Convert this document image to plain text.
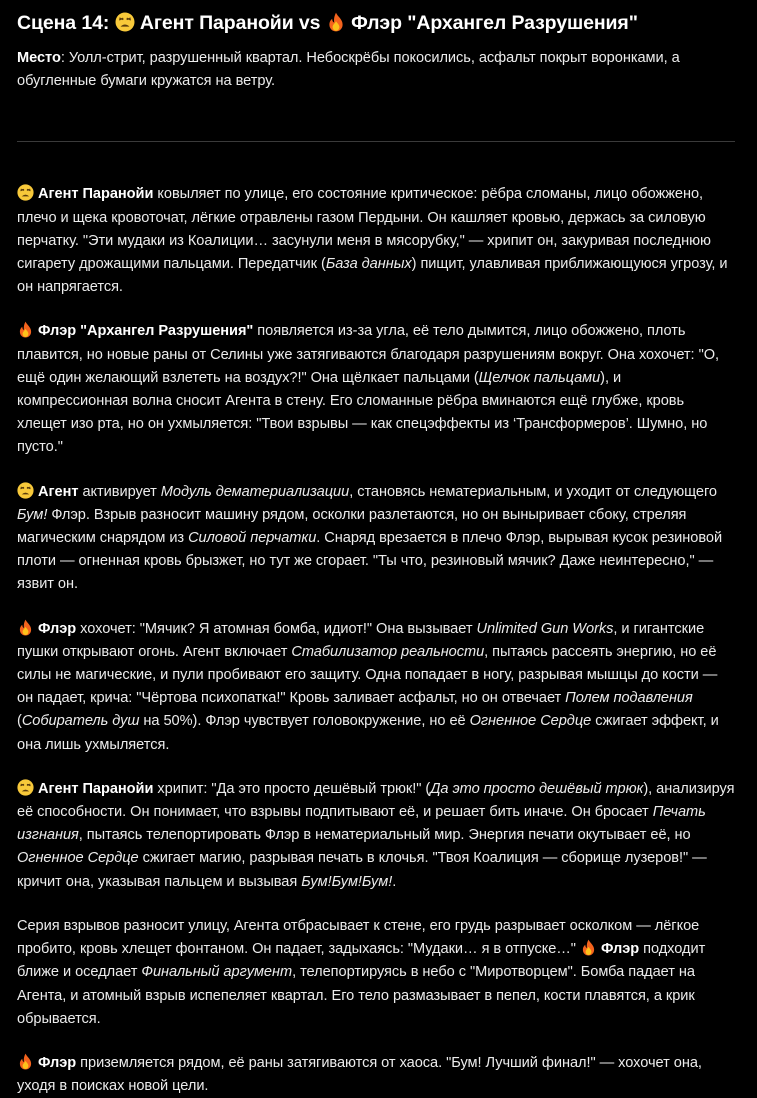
Сцена 14: Агент Паранойи vs Флэр "Архангел Разрушения"

Место: Уолл-стрит, разрушенный квартал. Небоскрёбы покосились, асфальт покрыт воронками, а обугленные бумаги кружатся на ветру.

Агент Паранойи ковыляет по улице, его состояние критическое: рёбра сломаны, лицо обожжено, плечо и щека кровоточат, лёгкие отравлены газом Пердыни. Он кашляет кровью, держась за силовую перчатку. "Эти мудаки из Коалиции… засунули меня в мясорубку," — хрипит он, закуривая последнюю сигарету дрожащими пальцами. Передатчик (База данных) пищит, улавливая приближающуюся угрозу, и он напрягается.

Флэр "Архангел Разрушения" появляется из-за угла, её тело дымится, лицо обожжено, плоть плавится, но новые раны от Селины уже затягиваются благодаря разрушениям вокруг. Она хохочет: "О, ещё один желающий взлететь на воздух?!" Она щёлкает пальцами (Щелчок пальцами), и компрессионная волна сносит Агента в стену. Его сломанные рёбра вминаются ещё глубже, кровь хлещет изо рта, но он ухмыляется: "Твои взрывы — как спецэффекты из ‘Трансформеров’. Шумно, но пусто."

Агент активирует Модуль дематериализации, становясь нематериальным, и уходит от следующего Бум! Флэр. Взрыв разносит машину рядом, осколки разлетаются, но он выныривает сбоку, стреляя магическим снарядом из Силовой перчатки. Снаряд врезается в плечо Флэр, вырывая кусок резиновой плоти — огненная кровь брызжет, но тут же сгорает. "Ты что, резиновый мячик? Даже неинтересно," — язвит он.

Флэр хохочет: "Мячик? Я атомная бомба, идиот!" Она вызывает Unlimited Gun Works, и гигантские пушки открывают огонь. Агент включает Стабилизатор реальности, пытаясь рассеять энергию, но её силы не магические, и пули пробивают его защиту. Одна попадает в ногу, разрывая мышцы до кости — он падает, крича: "Чёртова психопатка!" Кровь заливает асфальт, но он отвечает Полем подавления (Собиратель душ на 50%). Флэр чувствует головокружение, но её Огненное Сердце сжигает эффект, и она лишь ухмыляется.

Агент Паранойи хрипит: "Да это просто дешёвый трюк!" (Да это просто дешёвый трюк), анализируя её способности. Он понимает, что взрывы подпитывают её, и решает бить иначе. Он бросает Печать изгнания, пытаясь телепортировать Флэр в нематериальный мир. Энергия печати окутывает её, но Огненное Сердце сжигает магию, разрывая печать в клочья. "Твоя Коалиция — сборище лузеров!" — кричит она, указывая пальцем и вызывая Бум!Бум!Бум!.

Серия взрывов разносит улицу, Агента отбрасывает к стене, его грудь разрывает осколком — лёгкое пробито, кровь хлещет фонтаном. Он падает, задыхаясь: "Мудаки… я в отпуске…"  Флэр подходит ближе и оседлает Финальный аргумент, телепортируясь в небо с "Миротворцем". Бомба падает на Агента, и атомный взрыв испепеляет квартал. Его тело размазывает в пепел, кости плавятся, а крик обрывается.

Флэр приземляется рядом, её раны затягиваются от хаоса. "Бум! Лучший финал!" — хохочет она, уходя в поисках новой цели.
